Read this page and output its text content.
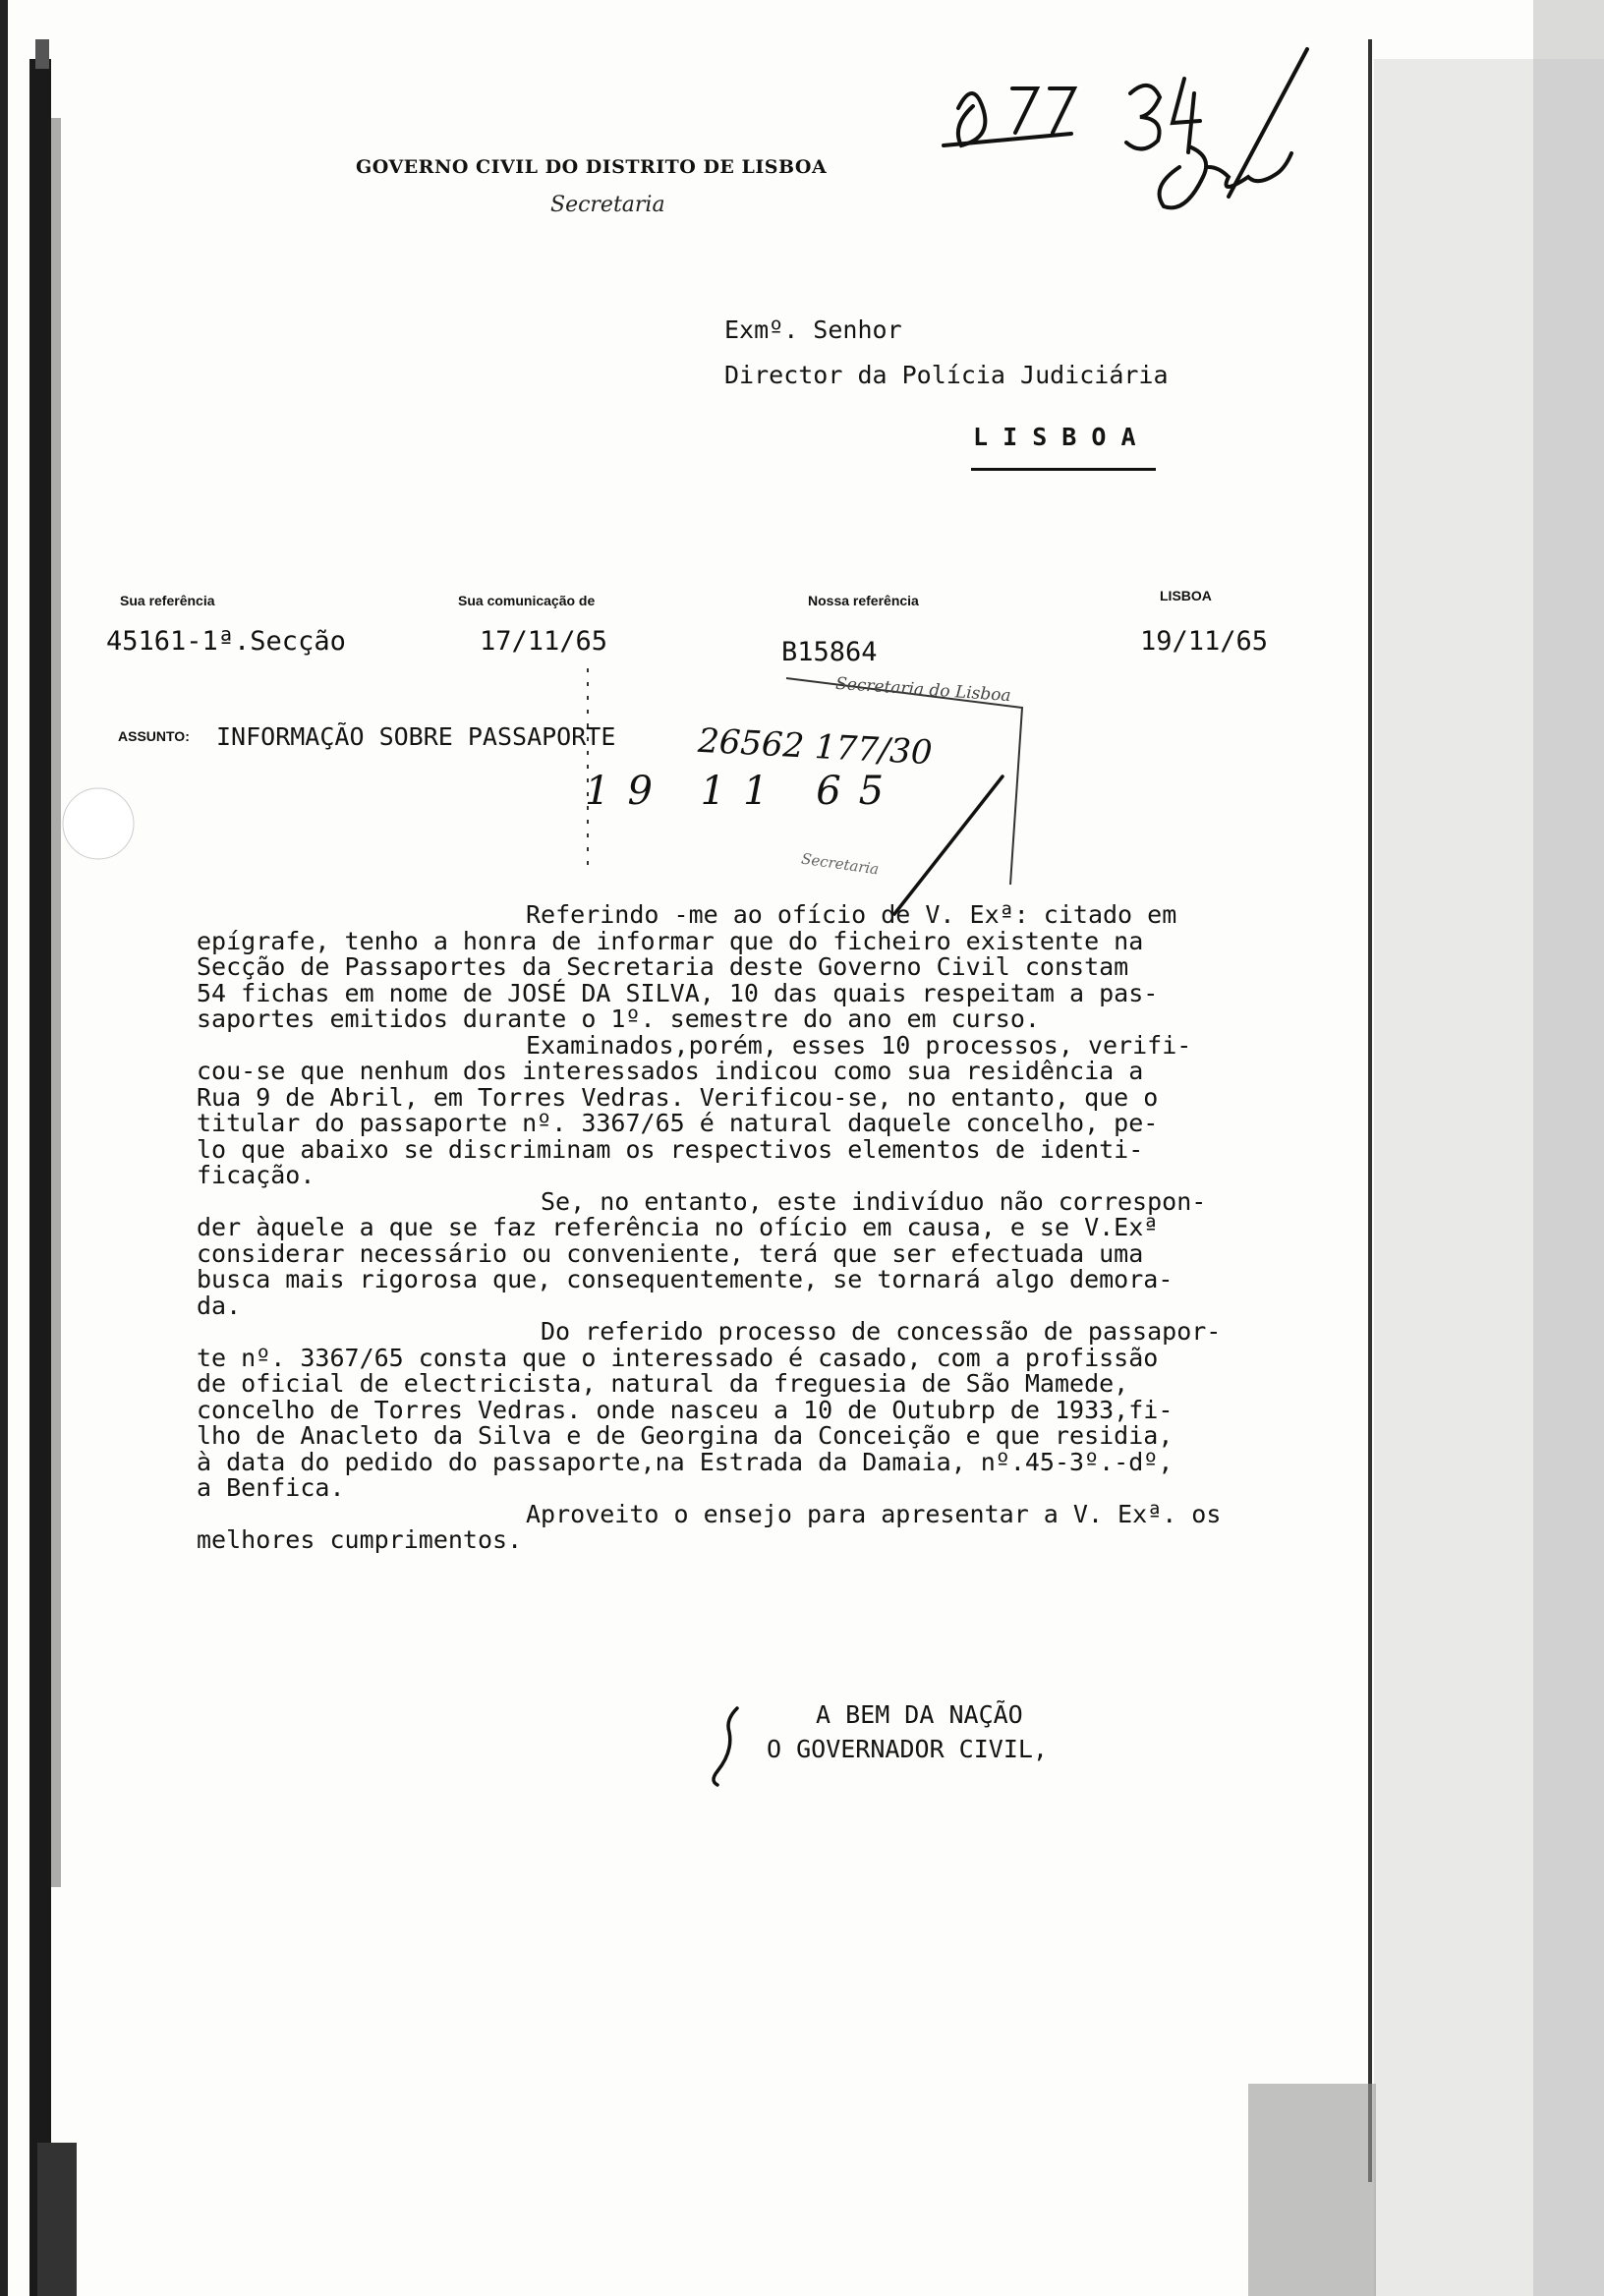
GOVERNO CIVIL DO DISTRITO DE LISBOA
Secretaria
Exmº. Senhor
Director da Polícia Judiciária
L I S B O A
Sua referência	Sua comunicação de	Nossa referência	LISBOA
45161-1ª.Secção	17/11/65	B15864	19/11/65
ASSUNTO: INFORMAÇÃO SOBRE PASSAPORTE
Secretaria do Lisboa
Secretaria
26562 177/30
19 11 65
Referindo -me ao ofício de V. Exª: citado em
epígrafe, tenho a honra de informar que do ficheiro existente na
Secção de Passaportes da Secretaria deste Governo Civil constam
54 fichas em nome de JOSÉ DA SILVA, 10 das quais respeitam a pas-
saportes emitidos durante o 1º. semestre do ano em curso.
Examinados,porém, esses 10 processos, verifi-
cou-se que nenhum dos interessados indicou como sua residência a
Rua 9 de Abril, em Torres Vedras. Verificou-se, no entanto, que o
titular do passaporte nº. 3367/65 é natural daquele concelho, pe-
lo que abaixo se discriminam os respectivos elementos de identi-
ficação.
Se, no entanto, este indivíduo não correspon-
der àquele a que se faz referência no ofício em causa, e se V.Exª
considerar necessário ou conveniente, terá que ser efectuada uma
busca mais rigorosa que, consequentemente, se tornará algo demora-
da.
Do referido processo de concessão de passapor-
te nº. 3367/65 consta que o interessado é casado, com a profissão
de oficial de electricista, natural da freguesia de São Mamede,
concelho de Torres Vedras. onde nasceu a 10 de Outubrp de 1933,fi-
lho de Anacleto da Silva e de Georgina da Conceição e que residia,
à data do pedido do passaporte,na Estrada da Damaia, nº.45-3º.-dº,
a Benfica.
Aproveito o ensejo para apresentar a V. Exª. os
melhores cumprimentos.
A BEM DA NAÇÃO
O GOVERNADOR CIVIL,
